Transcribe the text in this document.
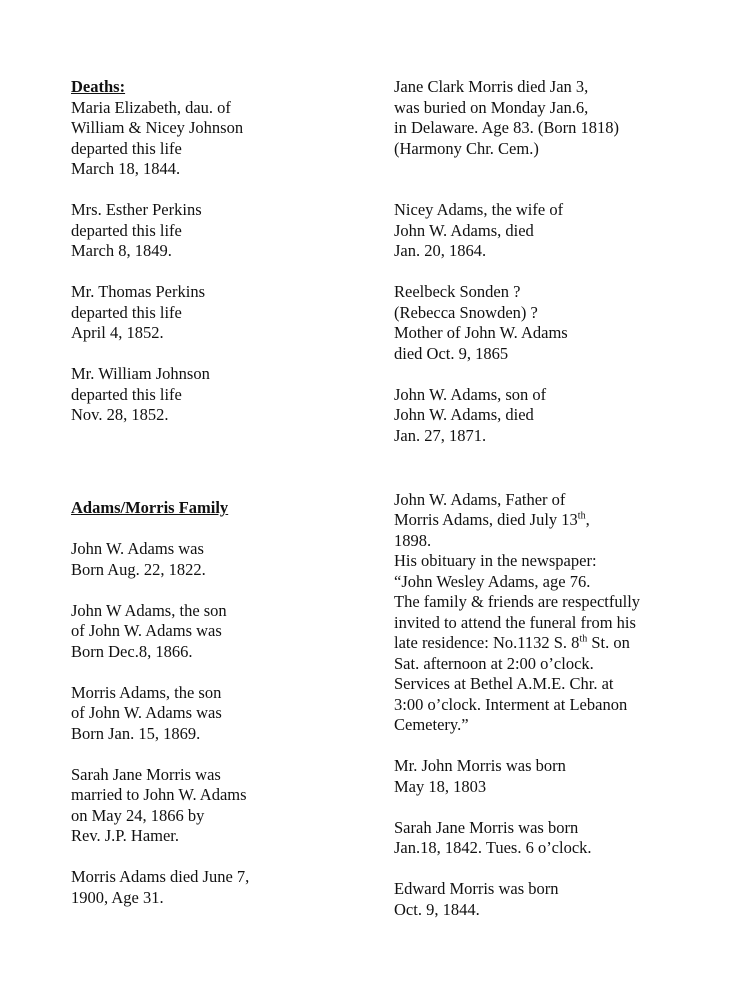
Deaths:
Maria Elizabeth, dau. of
William & Nicey Johnson
departed this life
March 18, 1844.
Mrs. Esther Perkins
departed this life
March 8, 1849.
Mr. Thomas Perkins
departed this life
April 4, 1852.
Mr. William Johnson
departed this life
Nov. 28, 1852.
Adams/Morris Family
John W. Adams was
Born Aug. 22, 1822.
John W Adams, the son
of John W. Adams was
Born Dec.8, 1866.
Morris Adams, the son
of John W. Adams was
Born Jan. 15, 1869.
Sarah Jane Morris was
married to John W. Adams
on May 24, 1866 by
Rev. J.P. Hamer.
Morris Adams died June 7,
1900, Age 31.
Jane Clark Morris died Jan 3,
was buried on Monday Jan.6,
in Delaware. Age 83. (Born 1818)
(Harmony Chr. Cem.)
Nicey Adams, the wife of
John W. Adams, died
Jan. 20, 1864.
Reelbeck Sonden ?
(Rebecca Snowden) ?
Mother of John W. Adams
died Oct. 9, 1865
John W. Adams, son of
John W. Adams, died
Jan. 27, 1871.
John W. Adams, Father of
Morris Adams, died July 13th,
1898.
His obituary in the newspaper:
“John Wesley Adams, age 76.
The family & friends are respectfully
invited to attend the funeral from his
late residence: No.1132 S. 8th St. on
Sat. afternoon at 2:00 o’clock.
Services at Bethel A.M.E. Chr. at
3:00 o’clock. Interment at Lebanon
Cemetery.”
Mr. John Morris was born
May 18, 1803
Sarah Jane Morris was born
Jan.18, 1842. Tues. 6 o’clock.
Edward Morris was born
Oct. 9, 1844.
